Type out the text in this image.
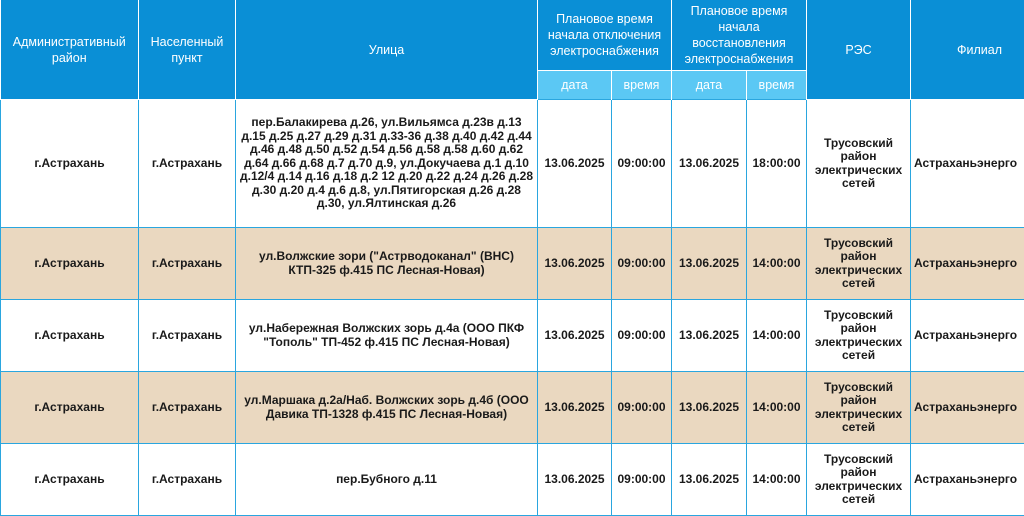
Административный район	Населенный пункт	Улица	Плановое время начала отключения электроснабжения		Плановое время начала восстановления электроснабжения		РЭС	Филиал
			дата	время	дата	время		
г.Астрахань	г.Астрахань	пер.Балакирева д.26, ул.Вильямса д.23в д.13 д.15 д.25 д.27 д.29 д.31 д.33-36 д.38 д.40 д.42 д.44 д.46 д.48 д.50 д.52 д.54 д.56 д.58 д.58 д.60 д.62 д.64 д.66 д.68 д.7 д.70 д.9, ул.Докучаева д.1 д.10 д.12/4 д.14 д.16 д.18 д.2 12 д.20 д.22 д.24 д.26 д.28 д.30 д.20 д.4 д.6 д.8, ул.Пятигорская д.26 д.28 д.30, ул.Ялтинская д.26	13.06.2025	09:00:00	13.06.2025	18:00:00	Трусовский район электрических сетей	Астраханьэнерго
г.Астрахань	г.Астрахань	ул.Волжские зори ("Астрводоканал" (ВНС) КТП-325 ф.415 ПС Лесная-Новая)	13.06.2025	09:00:00	13.06.2025	14:00:00	Трусовский район электрических сетей	Астраханьэнерго
г.Астрахань	г.Астрахань	ул.Набережная Волжских зорь д.4а (ООО ПКФ "Тополь" ТП-452 ф.415 ПС Лесная-Новая)	13.06.2025	09:00:00	13.06.2025	14:00:00	Трусовский район электрических сетей	Астраханьэнерго
г.Астрахань	г.Астрахань	ул.Маршака д.2а/Наб. Волжских зорь д.4б (ООО Давика ТП-1328 ф.415 ПС Лесная-Новая)	13.06.2025	09:00:00	13.06.2025	14:00:00	Трусовский район электрических сетей	Астраханьэнерго
г.Астрахань	г.Астрахань	пер.Бубного д.11	13.06.2025	09:00:00	13.06.2025	14:00:00	Трусовский район электрических сетей	Астраханьэнерго
